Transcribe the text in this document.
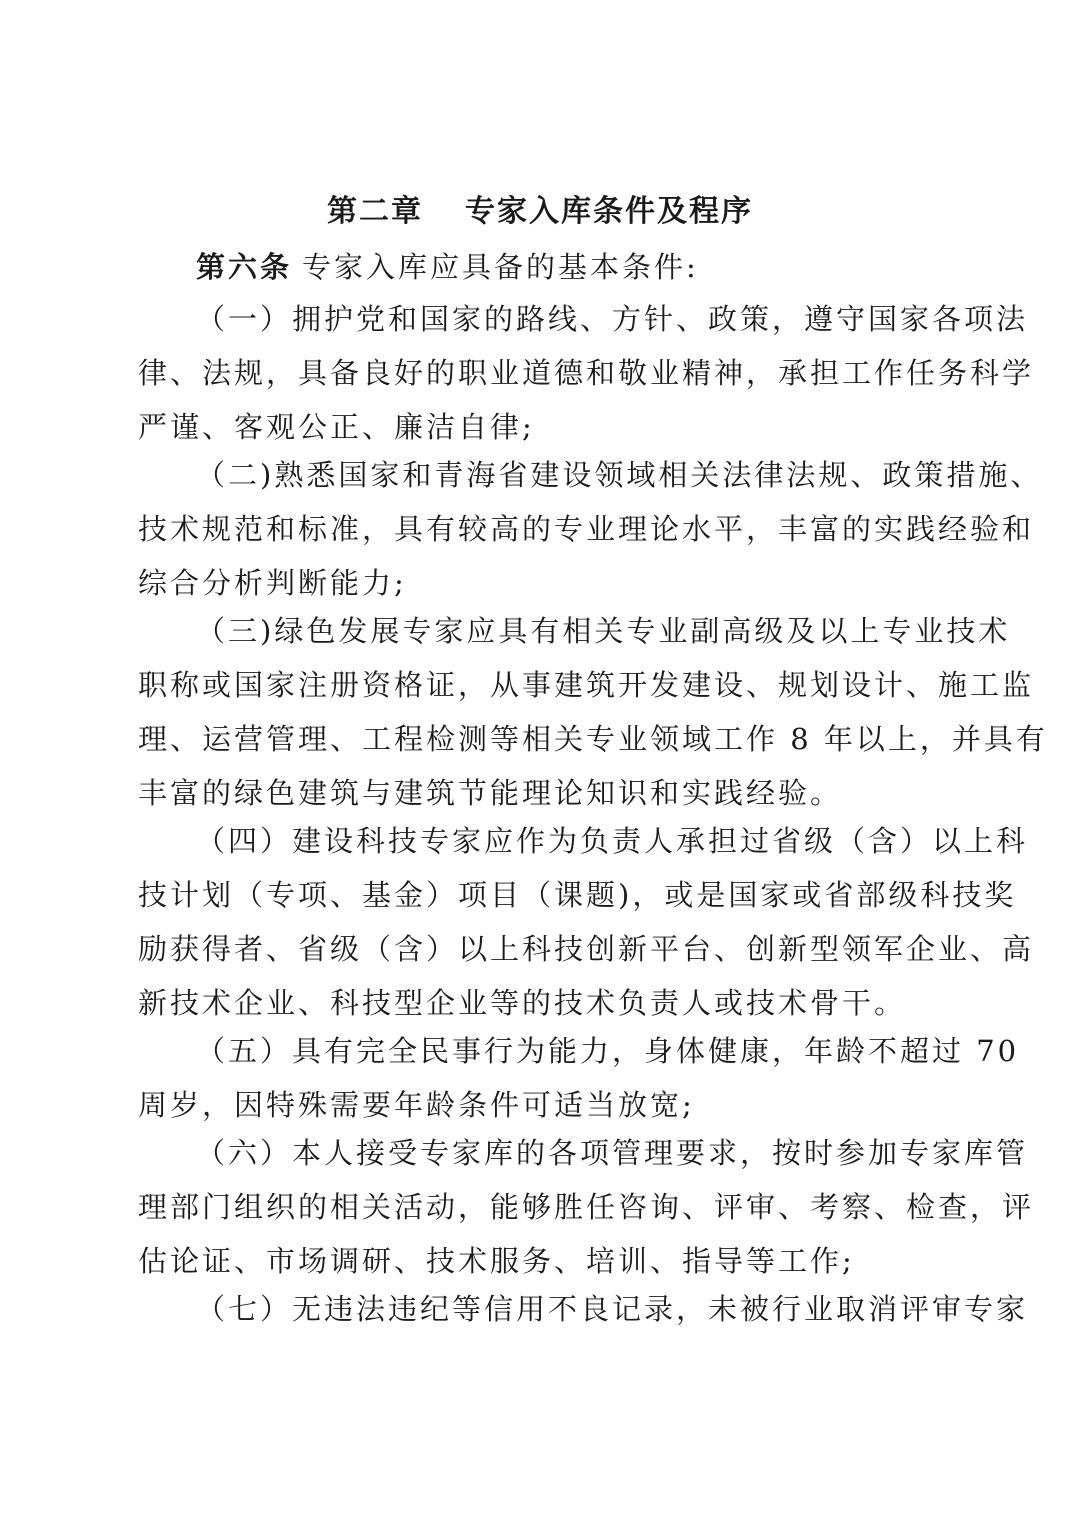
第二章 专家入库条件及程序
第六条 专家入库应具备的基本条件:
（一）拥护党和国家的路线、方针、政策，遵守国家各项法
律、法规，具备良好的职业道德和敬业精神，承担工作任务科学
严谨、客观公正、廉洁自律;
（二)熟悉国家和青海省建设领域相关法律法规、政策措施、
技术规范和标准，具有较高的专业理论水平，丰富的实践经验和
综合分析判断能力;
（三)绿色发展专家应具有相关专业副高级及以上专业技术
职称或国家注册资格证，从事建筑开发建设、规划设计、施工监
理、运营管理、工程检测等相关专业领域工作 8 年以上，并具有
丰富的绿色建筑与建筑节能理论知识和实践经验。
（四）建设科技专家应作为负责人承担过省级（含）以上科
技计划（专项、基金）项目（课题)，或是国家或省部级科技奖
励获得者、省级（含）以上科技创新平台、创新型领军企业、高
新技术企业、科技型企业等的技术负责人或技术骨干。
（五）具有完全民事行为能力，身体健康，年龄不超过 70
周岁，因特殊需要年龄条件可适当放宽;
（六）本人接受专家库的各项管理要求，按时参加专家库管
理部门组织的相关活动，能够胜任咨询、评审、考察、检查，评
估论证、市场调研、技术服务、培训、指导等工作;
（七）无违法违纪等信用不良记录，未被行业取消评审专家
